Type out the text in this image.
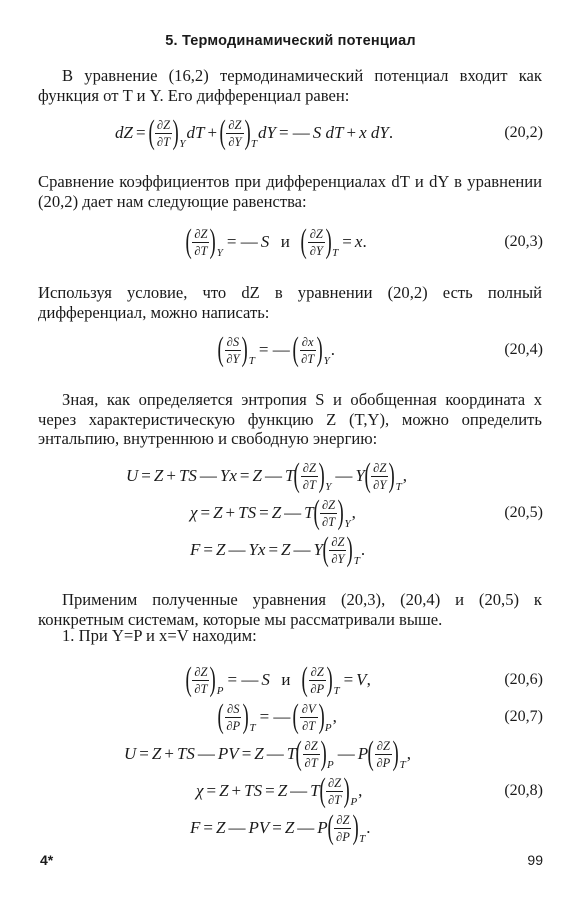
5. Термодинамический потенциал
В уравнение (16,2) термодинамический потенциал входит как функция от T и Y. Его дифференциал равен:
dZ = ( $\frac{\partial Z}{\partial T}$ ) Y
dT + ( $\frac{\partial Z}{\partial Y}$ ) T
dY = — S dT + x dY .	(20,2)
Сравнение коэффициентов при дифференциалах dT и dY в уравнении (20,2) дает нам следующие равенства:
( $\frac{\partial Z}{\partial T}$ ) Y
= — S и ( $\frac{\partial Z}{\partial Y}$ ) T
= x .	(20,3)
Используя условие, что dZ в уравнении (20,2) есть полный дифференциал, можно написать:
( $\frac{\partial S}{\partial Y}$ ) T
= — ( $\frac{\partial x}{\partial T}$ ) Y
.	(20,4)
Зная, как определяется энтропия S и обобщенная координата x через характеристическую функцию Z (T,Y), можно определить энтальпию, внутреннюю и свободную энергию:
U = Z + TS — Yx = Z — T ( $\frac{\partial Z}{\partial T}$ ) Y
— Y ( $\frac{\partial Z}{\partial Y}$ ) T
,
χ = Z + TS = Z — T ( $\frac{\partial Z}{\partial T}$ ) Y
,	(20,5)
F = Z — Yx = Z — Y ( $\frac{\partial Z}{\partial Y}$ ) T
.
Применим полученные уравнения (20,3), (20,4) и (20,5) к конкретным системам, которые мы рассматривали выше.
1. При Y=P и x=V находим:
( $\frac{\partial Z}{\partial T}$ ) P
= — S и ( $\frac{\partial Z}{\partial P}$ ) T
= V ,	(20,6)
( $\frac{\partial S}{\partial P}$ ) T
= — ( $\frac{\partial V}{\partial T}$ ) P
,	(20,7)
U = Z + TS — PV = Z — T ( $\frac{\partial Z}{\partial T}$ ) P
— P ( $\frac{\partial Z}{\partial P}$ ) T
,
χ = Z + TS = Z — T ( $\frac{\partial Z}{\partial T}$ ) P
,	(20,8)
F = Z — PV = Z — P ( $\frac{\partial Z}{\partial P}$ ) T
.
4*	99
